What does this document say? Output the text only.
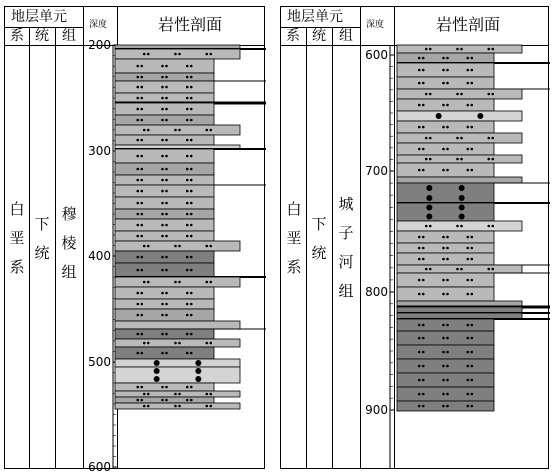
地层单元
系 统 组
深度	岩性剖面
白
垩
系
下
统
穆
棱
组
200
300
400
500
600
地层单元
系 统 组
深度	岩性剖面
白
垩
系
下
统
城
子
河
组
600
700
800
900
